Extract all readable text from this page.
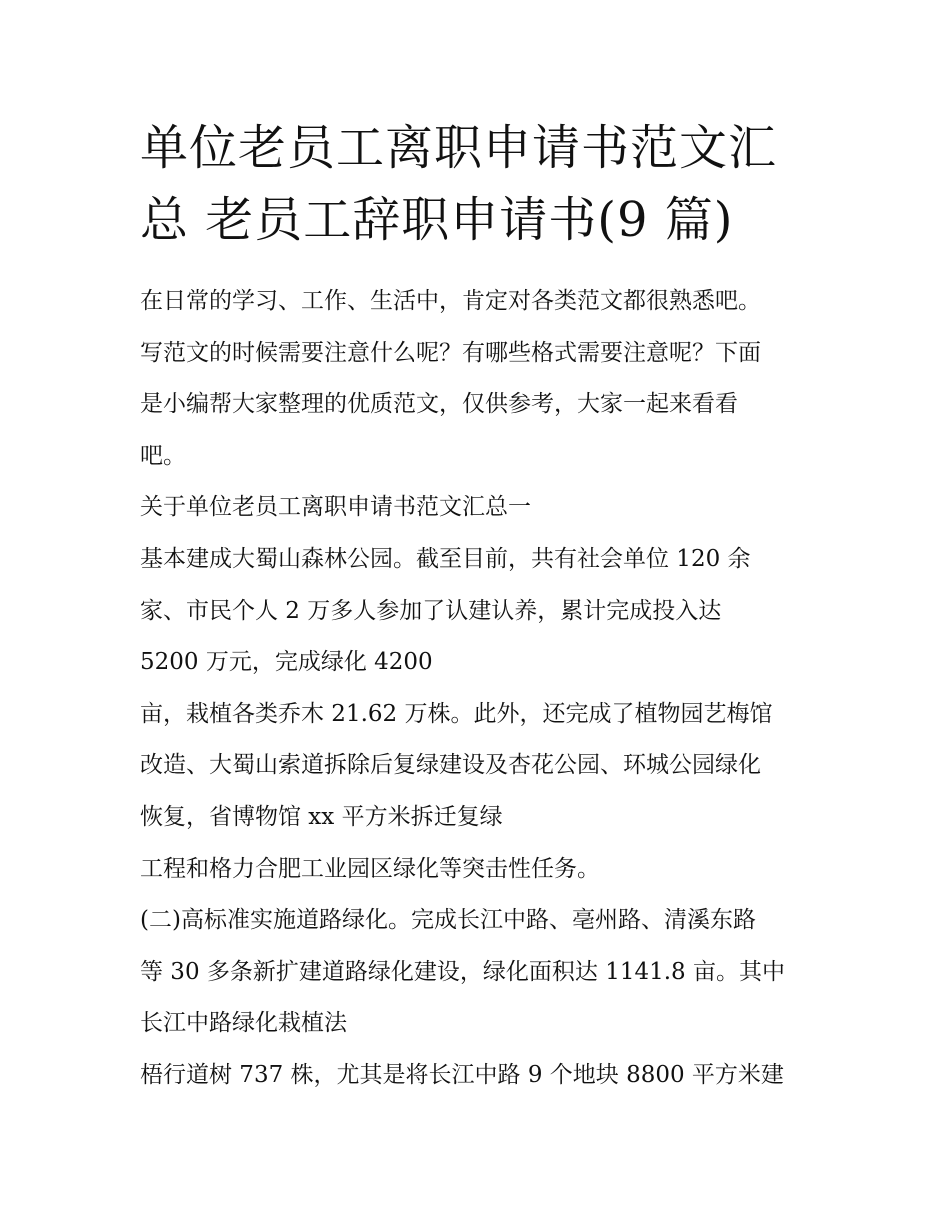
单位老员工离职申请书范文汇
总 老员工辞职申请书(9 篇)
在日常的学习、工作、生活中，肯定对各类范文都很熟悉吧。
写范文的时候需要注意什么呢？有哪些格式需要注意呢？下面
是小编帮大家整理的优质范文，仅供参考，大家一起来看看
吧。
关于单位老员工离职申请书范文汇总一
基本建成大蜀山森林公园。截至目前，共有社会单位 120 余
家、市民个人 2 万多人参加了认建认养，累计完成投入达
5200 万元，完成绿化 4200
亩，栽植各类乔木 21.62 万株。此外，还完成了植物园艺梅馆
改造、大蜀山索道拆除后复绿建设及杏花公园、环城公园绿化
恢复，省博物馆 xx 平方米拆迁复绿
工程和格力合肥工业园区绿化等突击性任务。
(二)高标准实施道路绿化。完成长江中路、亳州路、清溪东路
等 30 多条新扩建道路绿化建设，绿化面积达 1141.8 亩。其中
长江中路绿化栽植法
梧行道树 737 株，尤其是将长江中路 9 个地块 8800 平方米建
